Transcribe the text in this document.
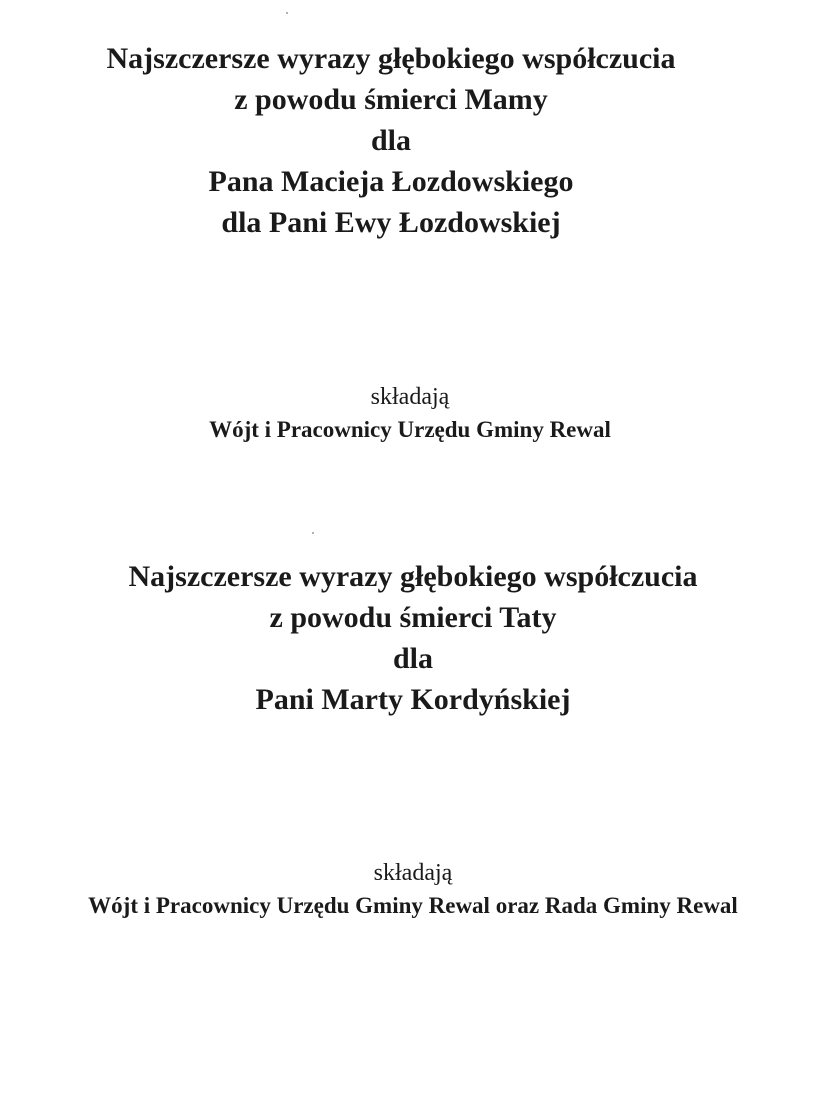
Najszczersze wyrazy głębokiego współczucia
z powodu śmierci Mamy
dla
Pana Macieja Łozdowskiego
dla Pani Ewy Łozdowskiej
składają
Wójt i Pracownicy Urzędu Gminy Rewal
Najszczersze wyrazy głębokiego współczucia
z powodu śmierci Taty
dla
Pani Marty Kordyńskiej
składają
Wójt i Pracownicy Urzędu Gminy Rewal oraz Rada Gminy Rewal
